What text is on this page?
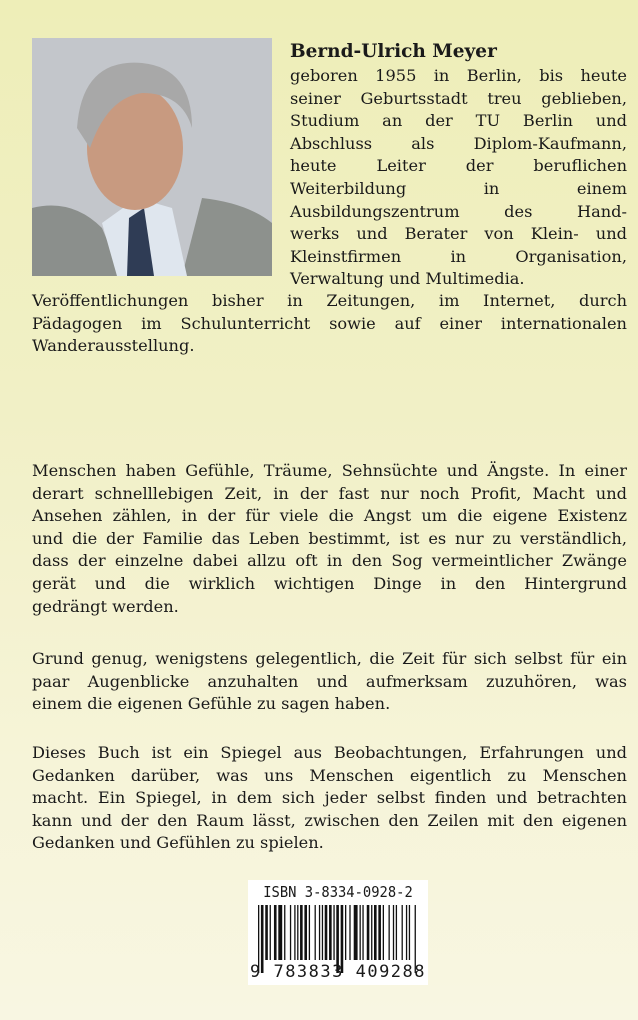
Bernd-Ulrich Meyer
geboren 1955 in Berlin, bis heute
seiner Geburtsstadt treu geblieben,
Studium an der TU Berlin und
Abschluss als Diplom-Kaufmann,
heute Leiter der beruflichen
Weiterbildung in einem
Ausbildungszentrum des Hand-
werks und Berater von Klein- und
Kleinstfirmen in Organisation,
Verwaltung und Multimedia.
Veröffentlichungen bisher in Zeitungen, im Internet, durch
Pädagogen im Schulunterricht sowie auf einer internationalen
Wanderausstellung.
Menschen haben Gefühle, Träume, Sehnsüchte und Ängste. In einer
derart schnelllebigen Zeit, in der fast nur noch Profit, Macht und
Ansehen zählen, in der für viele die Angst um die eigene Existenz
und die der Familie das Leben bestimmt, ist es nur zu verständlich,
dass der einzelne dabei allzu oft in den Sog vermeintlicher Zwänge
gerät und die wirklich wichtigen Dinge in den Hintergrund
gedrängt werden.
Grund genug, wenigstens gelegentlich, die Zeit für sich selbst für ein
paar Augenblicke anzuhalten und aufmerksam zuzuhören, was
einem die eigenen Gefühle zu sagen haben.
Dieses Buch ist ein Spiegel aus Beobachtungen, Erfahrungen und
Gedanken darüber, was uns Menschen eigentlich zu Menschen
macht. Ein Spiegel, in dem sich jeder selbst finden und betrachten
kann und der den Raum lässt, zwischen den Zeilen mit den eigenen
Gedanken und Gefühlen zu spielen.
ISBN 3-8334-0928-2
9 783833 409288
